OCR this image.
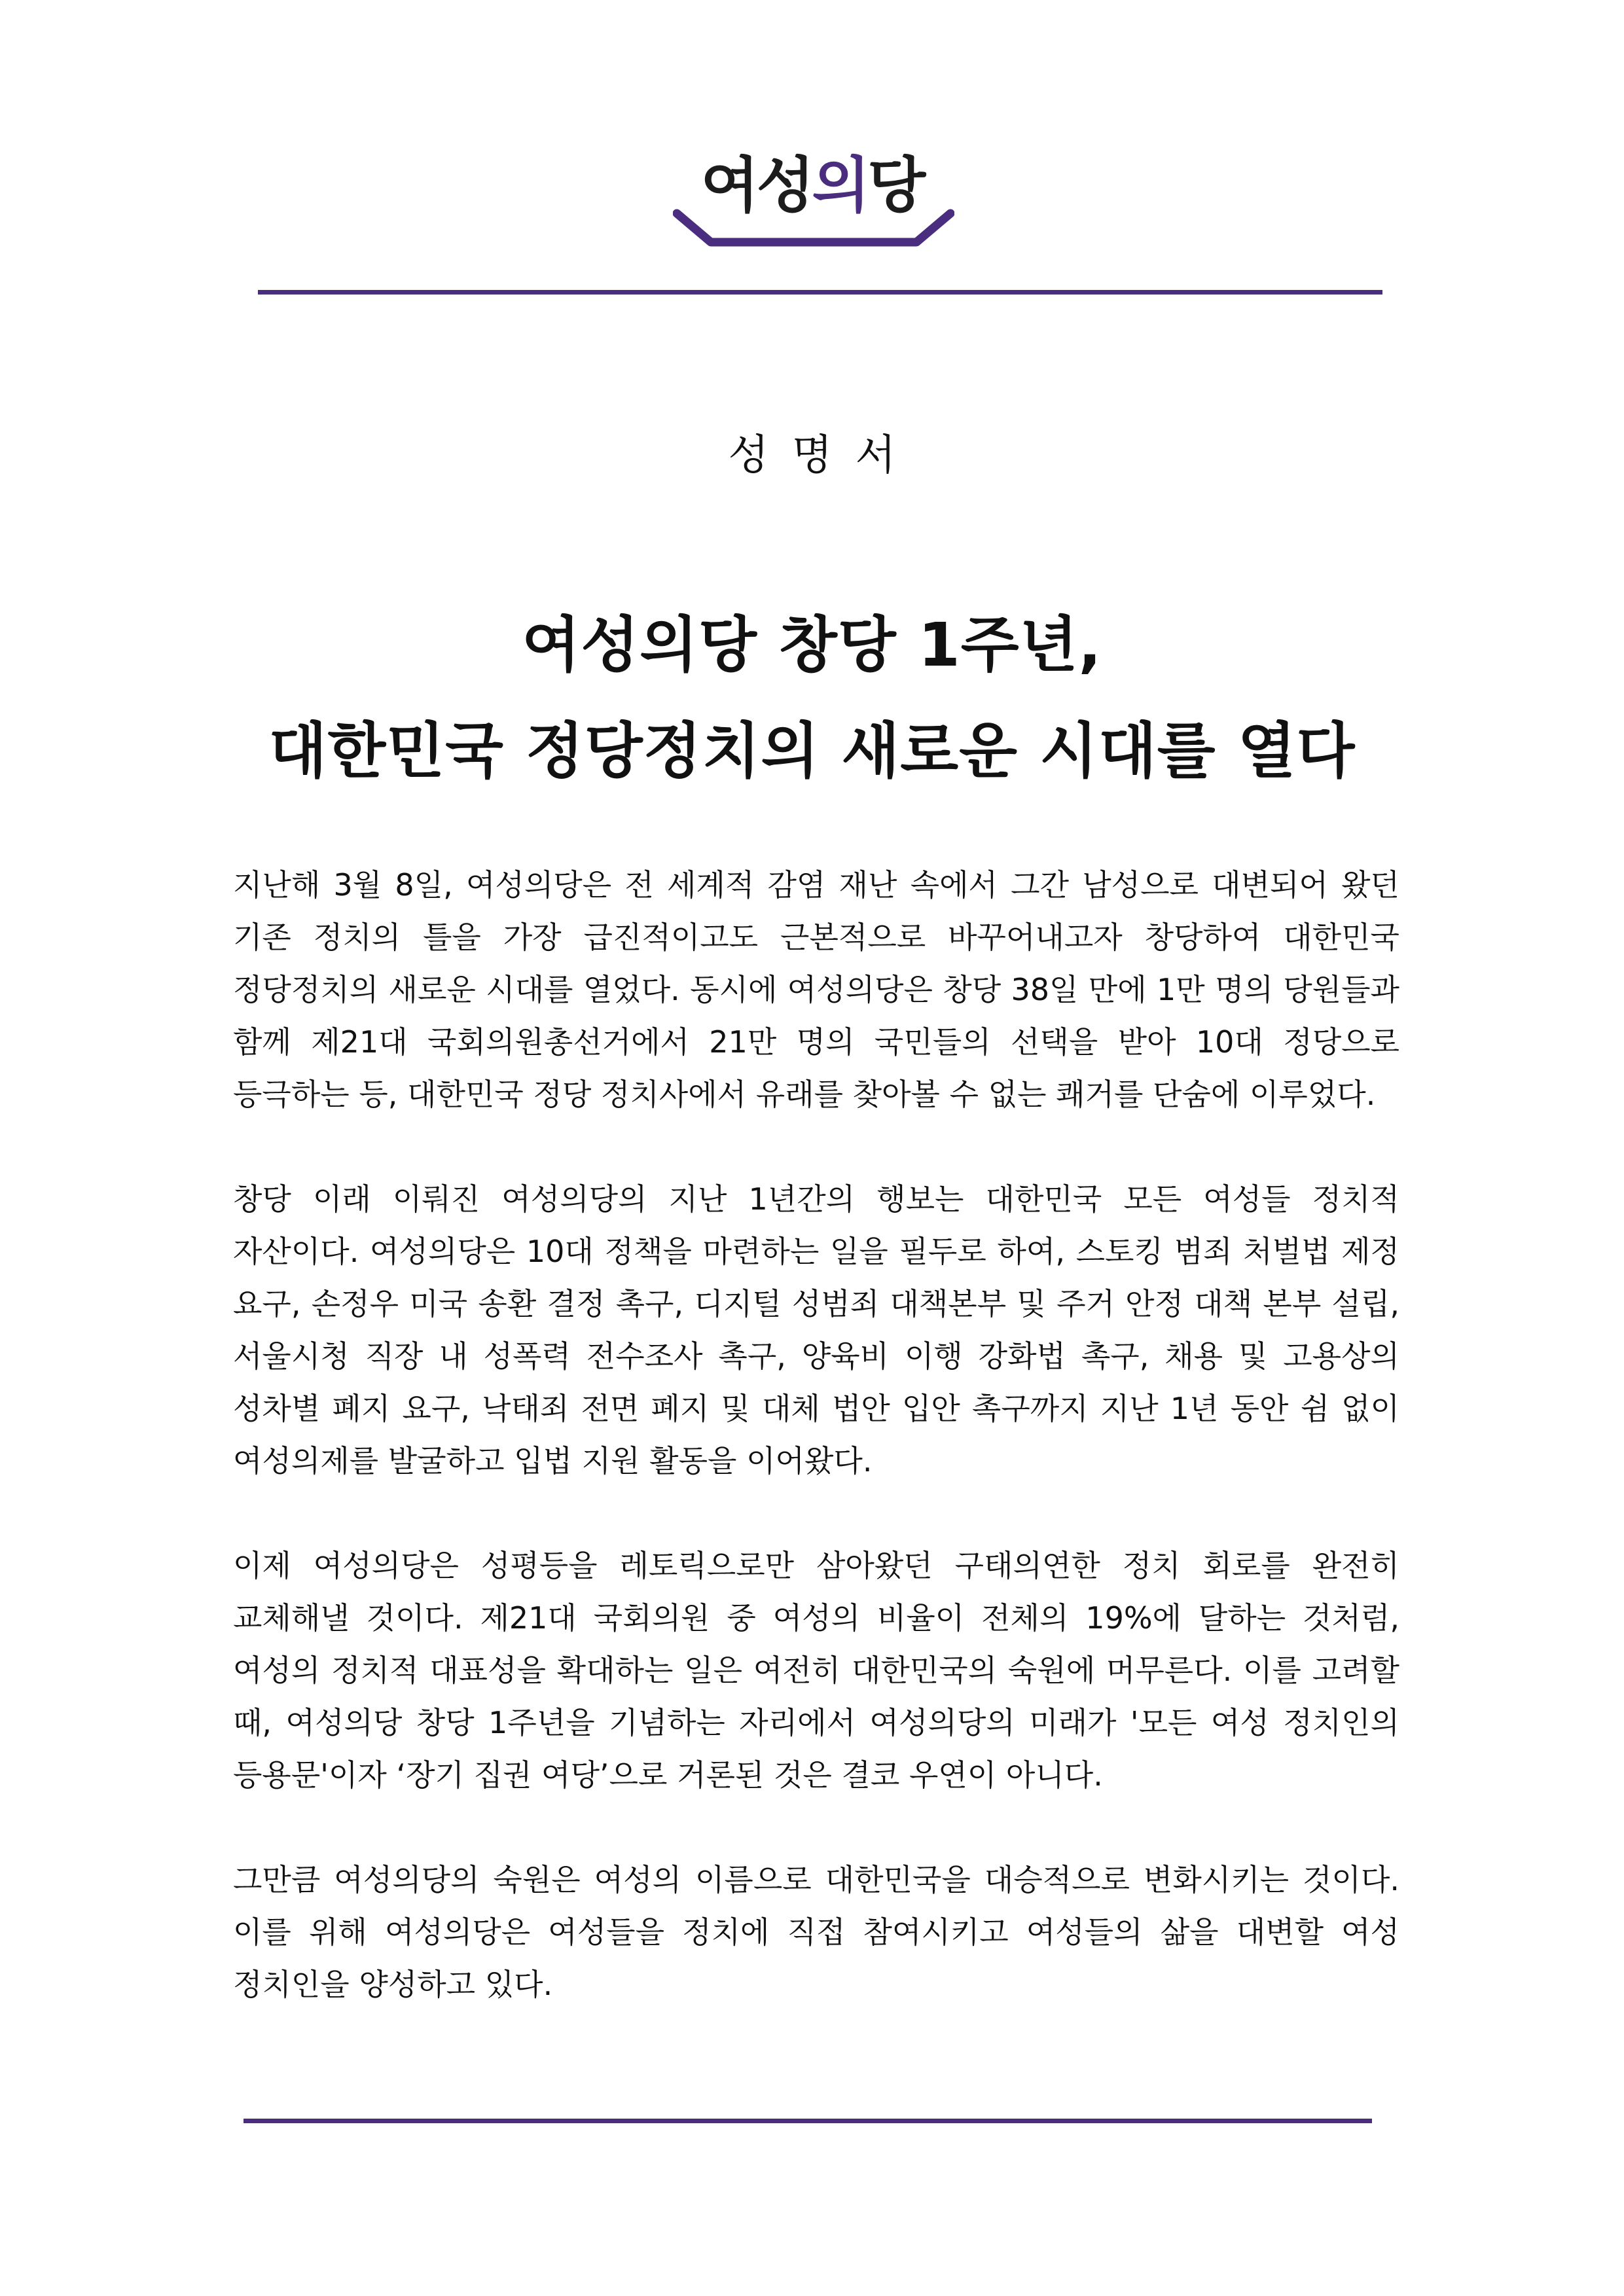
여성의당
성명서
여성의당 창당 1주년,
대한민국 정당정치의 새로운 시대를 열다

지난해 3월 8일, 여성의당은 전 세계적 감염 재난 속에서 그간 남성으로 대변되어 왔던 기존 정치의 틀을 가장 급진적이고도 근본적으로 바꾸어내고자 창당하여 대한민국 정당정치의 새로운 시대를 열었다. 동시에 여성의당은 창당 38일 만에 1만 명의 당원들과 함께 제21대 국회의원총선거에서 21만 명의 국민들의 선택을 받아 10대 정당으로 등극하는 등, 대한민국 정당 정치사에서 유래를 찾아볼 수 없는 쾌거를 단숨에 이루었다.

창당 이래 이뤄진 여성의당의 지난 1년간의 행보는 대한민국 모든 여성들 정치적 자산이다. 여성의당은 10대 정책을 마련하는 일을 필두로 하여, 스토킹 범죄 처벌법 제정 요구, 손정우 미국 송환 결정 촉구, 디지털 성범죄 대책본부 및 주거 안정 대책 본부 설립, 서울시청 직장 내 성폭력 전수조사 촉구, 양육비 이행 강화법 촉구, 채용 및 고용상의 성차별 폐지 요구, 낙태죄 전면 폐지 및 대체 법안 입안 촉구까지 지난 1년 동안 쉼 없이 여성의제를 발굴하고 입법 지원 활동을 이어왔다.

이제 여성의당은 성평등을 레토릭으로만 삼아왔던 구태의연한 정치 회로를 완전히 교체해낼 것이다. 제21대 국회의원 중 여성의 비율이 전체의 19%에 달하는 것처럼, 여성의 정치적 대표성을 확대하는 일은 여전히 대한민국의 숙원에 머무른다. 이를 고려할 때, 여성의당 창당 1주년을 기념하는 자리에서 여성의당의 미래가 '모든 여성 정치인의 등용문'이자 ‘장기 집권 여당’으로 거론된 것은 결코 우연이 아니다.

그만큼 여성의당의 숙원은 여성의 이름으로 대한민국을 대승적으로 변화시키는 것이다. 이를 위해 여성의당은 여성들을 정치에 직접 참여시키고 여성들의 삶을 대변할 여성 정치인을 양성하고 있다.
